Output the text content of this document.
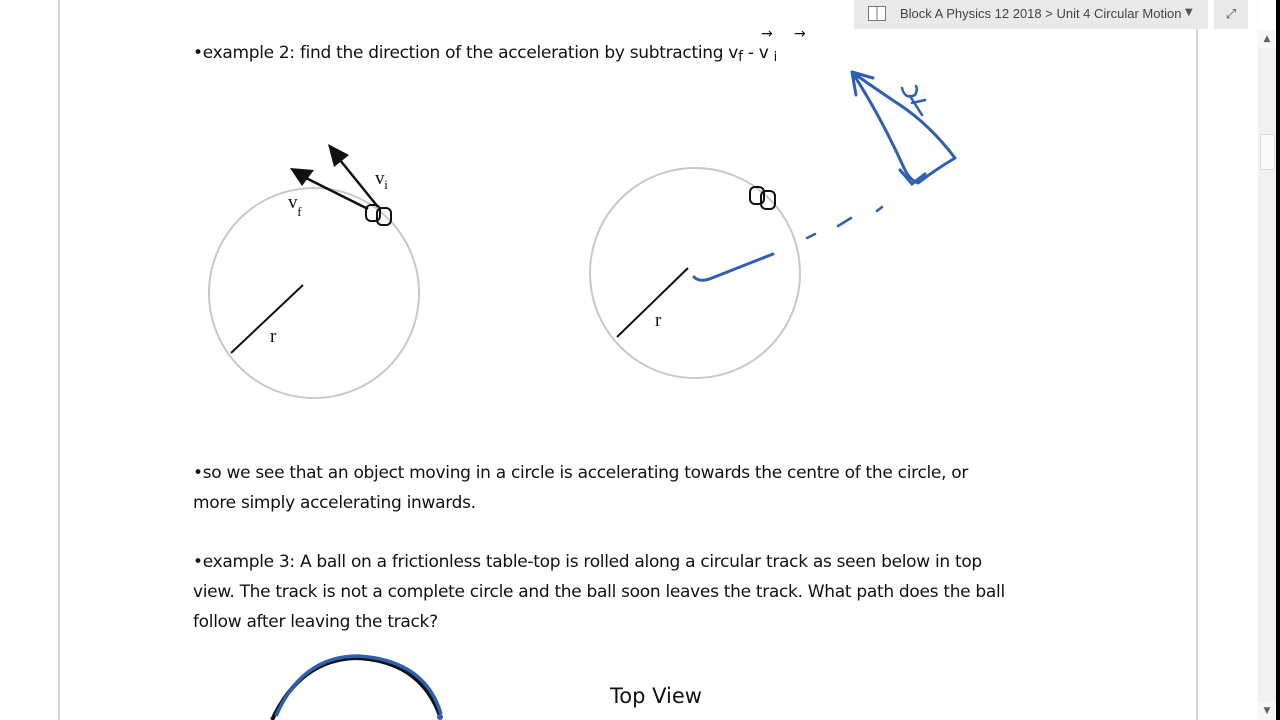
Block A Physics 12 2018 > Unit 4 Circular Motion ▼	⤢
▲
▼
•example 2: find the direction of the acceleration by subtracting vf - v i
→ →
$v_i$
$v_f$
r
r
•so we see that an object moving in a circle is accelerating towards the centre of the circle, or
more simply accelerating inwards.
•example 3: A ball on a frictionless table-top is rolled along a circular track as seen below in top
view. The track is not a complete circle and the ball soon leaves the track. What path does the ball
follow after leaving the track?
Top View
